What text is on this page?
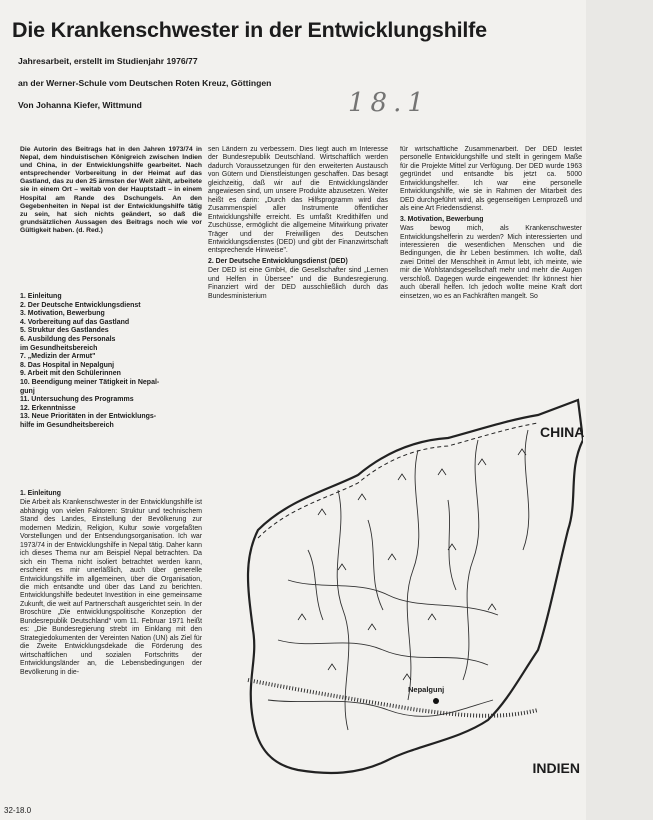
Die Krankenschwester in der Entwicklungshilfe
Jahresarbeit, erstellt im Studienjahr 1976/77
an der Werner-Schule vom Deutschen Roten Kreuz, Göttingen
Von Johanna Kiefer, Wittmund	18.1
Die Autorin des Beitrags hat in den Jahren 1973/74 in Nepal, dem hinduistischen Königreich zwischen Indien und China, in der Entwicklungshilfe gearbeitet. Nach entsprechender Vorbereitung in der Heimat auf das Gastland, das zu den 25 ärmsten der Welt zählt, arbeitete sie in einem Ort – weitab von der Hauptstadt – in einem Hospital am Rande des Dschungels. An den Gegebenheiten in Nepal ist der Entwicklungshilfe tätig zu sein, hat sich nichts geändert, so daß die grundsätzlichen Aussagen des Beitrags noch wie vor Gültigkeit haben. (d. Red.)
1. Einleitung
2. Der Deutsche Entwicklungsdienst
3. Motivation, Bewerbung
4. Vorbereitung auf das Gastland
5. Struktur des Gastlandes
6. Ausbildung des Personals
im Gesundheitsbereich
7. „Medizin der Armut"
8. Das Hospital in Nepalgunj
9. Arbeit mit den Schülerinnen
10. Beendigung meiner Tätigkeit in Nepal-
gunj
11. Untersuchung des Programms
12. Erkenntnisse
13. Neue Prioritäten in der Entwicklungs-
hilfe im Gesundheitsbereich
1. Einleitung

Die Arbeit als Krankenschwester in der Entwicklungshilfe ist abhängig von vielen Faktoren: Struktur und technischem Stand des Landes, Einstellung der Bevölkerung zur modernen Medizin, Religion, Kultur sowie vorgefaßten Vorstellungen und der Entsendungsorganisation. Ich war 1973/74 in der Entwicklungshilfe in Nepal tätig. Daher kann ich dieses Thema nur am Beispiel Nepal betrachten. Da sich ein Thema nicht isoliert betrachtet werden kann, erscheint es mir unerläßlich, auch über generelle Entwicklungshilfe im allgemeinen, über die Organisation, die mich entsandte und über das Land zu berichten. Entwicklungshilfe bedeutet Investition in eine gemeinsame Zukunft, die weit auf Partnerschaft ausgerichtet sein. In der Broschüre „Die entwicklungspolitische Konzeption der Bundesrepublik Deutschland" vom 11. Februar 1971 heißt es: „Die Bundesregierung strebt im Einklang mit den Strategiedokumenten der Vereinten Nation (UN) als Ziel für die Zweite Entwicklungsdekade die Förderung des wirtschaftlichen und sozialen Fortschritts der Entwicklungsländer an, die Lebensbedingungen der Bevölkerung in die-

sen Ländern zu verbessern. Dies liegt auch im Interesse der Bundesrepublik Deutschland. Wirtschaftlich werden dadurch Voraussetzungen für den erweiterten Austausch von Gütern und Dienstleistungen geschaffen. Das besagt gleichzeitig, daß wir auf die Entwicklungsländer angewiesen sind, um unsere Produkte abzusetzen. Weiter heißt es darin: „Durch das Hilfsprogramm wird das Zusammenspiel aller Instrumente öffentlicher Entwicklungshilfe erreicht. Es umfaßt Kredithilfen und Zuschüsse, ermöglicht die allgemeine Mitwirkung privater Träger und der Freiwilligen des Deutschen Entwicklungsdienstes (DED) und gibt der Finanzwirtschaft entsprechende Hinweise".

2. Der Deutsche Entwicklungsdienst (DED)

Der DED ist eine GmbH, die Gesellschafter sind „Lernen und Helfen in Übersee" und die Bundesregierung. Finanziert wird der DED ausschließlich durch das Bundesministerium

für wirtschaftliche Zusammenarbeit. Der DED leistet personelle Entwicklungshilfe und stellt in geringem Maße für die Projekte Mittel zur Verfügung. Der DED wurde 1963 gegründet und entsandte bis jetzt ca. 5000 Entwicklungshelfer. Ich war eine personelle Entwicklungshilfe, wie sie in Rahmen der Mitarbeit des DED durchgeführt wird, als gegenseitigen Lernprozeß und als eine Art Friedensdienst.

3. Motivation, Bewerbung

Was bewog mich, als Krankenschwester Entwicklungshelferin zu werden? Mich interessierten und interessieren die wesentlichen Menschen und die Bedingungen, die ihr Leben bestimmen. Ich wollte, daß zwei Drittel der Menschheit in Armut lebt, ich meinte, wie mir die Wohlstandsgesellschaft mehr und mehr die Augen verschloß. Dagegen wurde eingewendet: Ihr könnest hier auch überall helfen. Ich jedoch wollte meine Kraft dort einsetzen, wo es an Fachkräften mangelt. So

CHINA
INDIEN
Nepalgunj
32-18.0
